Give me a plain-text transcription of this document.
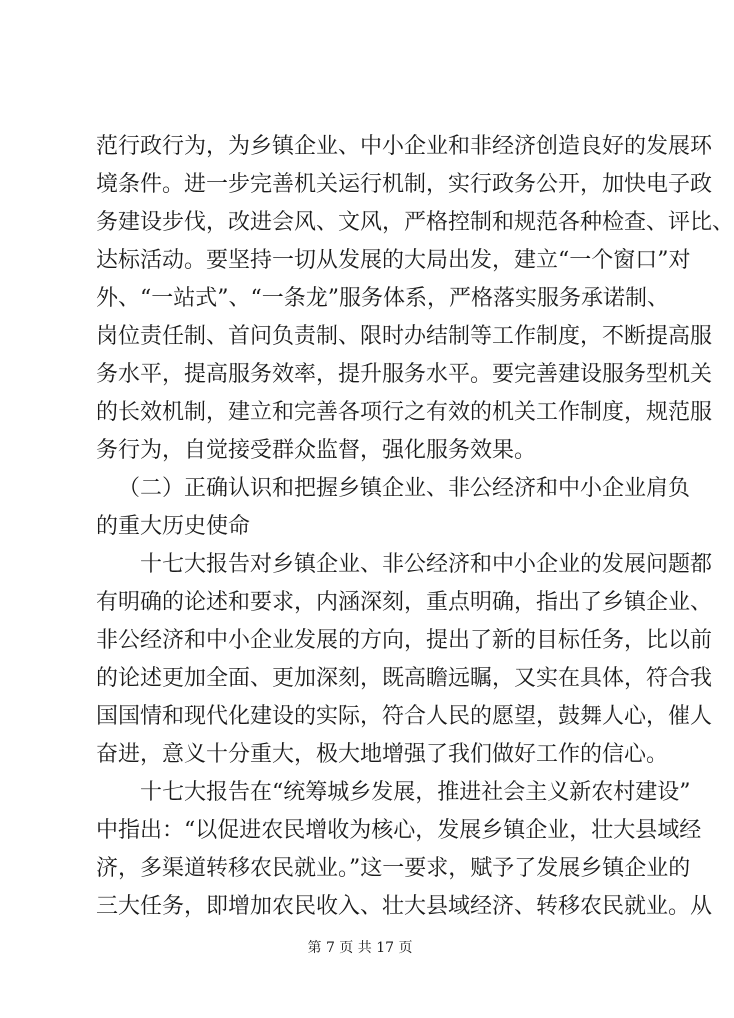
范行政行为，为乡镇企业、中小企业和非经济创造良好的发展环
境条件。进一步完善机关运行机制，实行政务公开，加快电子政
务建设步伐，改进会风、文风，严格控制和规范各种检查、评比、
达标活动。要坚持一切从发展的大局出发，建立“一个窗口”对
外、“一站式”、“一条龙”服务体系，严格落实服务承诺制、
岗位责任制、首问负责制、限时办结制等工作制度，不断提高服
务水平，提高服务效率，提升服务水平。要完善建设服务型机关
的长效机制，建立和完善各项行之有效的机关工作制度，规范服
务行为，自觉接受群众监督，强化服务效果。
（二）正确认识和把握乡镇企业、非公经济和中小企业肩负
的重大历史使命
十七大报告对乡镇企业、非公经济和中小企业的发展问题都
有明确的论述和要求，内涵深刻，重点明确，指出了乡镇企业、
非公经济和中小企业发展的方向，提出了新的目标任务，比以前
的论述更加全面、更加深刻，既高瞻远瞩，又实在具体，符合我
国国情和现代化建设的实际，符合人民的愿望，鼓舞人心，催人
奋进，意义十分重大，极大地增强了我们做好工作的信心。
十七大报告在“统筹城乡发展，推进社会主义新农村建设”
中指出：“以促进农民增收为核心，发展乡镇企业，壮大县域经
济，多渠道转移农民就业。”这一要求，赋予了发展乡镇企业的
三大任务，即增加农民收入、壮大县域经济、转移农民就业。从
第 7 页 共 17 页
